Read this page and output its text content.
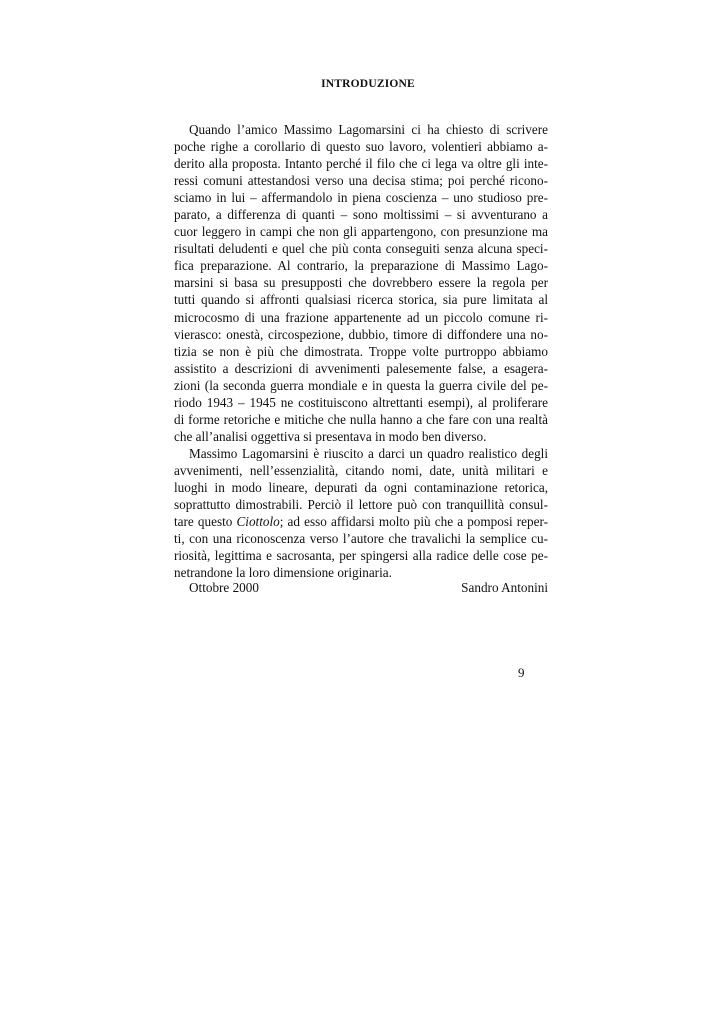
INTRODUZIONE
Quando l’amico Massimo Lagomarsini ci ha chiesto di scrivere
poche righe a corollario di questo suo lavoro, volentieri abbiamo a-
derito alla proposta. Intanto perché il filo che ci lega va oltre gli inte-
ressi comuni attestandosi verso una decisa stima; poi perché ricono-
sciamo in lui – affermandolo in piena coscienza – uno studioso pre-
parato, a differenza di quanti – sono moltissimi – si avventurano a
cuor leggero in campi che non gli appartengono, con presunzione ma
risultati deludenti e quel che più conta conseguiti senza alcuna speci-
fica preparazione. Al contrario, la preparazione di Massimo Lago-
marsini si basa su presupposti che dovrebbero essere la regola per
tutti quando si affronti qualsiasi ricerca storica, sia pure limitata al
microcosmo di una frazione appartenente ad un piccolo comune ri-
vierasco: onestà, circospezione, dubbio, timore di diffondere una no-
tizia se non è più che dimostrata. Troppe volte purtroppo abbiamo
assistito a descrizioni di avvenimenti palesemente false, a esagera-
zioni (la seconda guerra mondiale e in questa la guerra civile del pe-
riodo 1943 – 1945 ne costituiscono altrettanti esempi), al proliferare
di forme retoriche e mitiche che nulla hanno a che fare con una realtà
che all’analisi oggettiva si presentava in modo ben diverso.
Massimo Lagomarsini è riuscito a darci un quadro realistico degli
avvenimenti, nell’essenzialità, citando nomi, date, unità militari e
luoghi in modo lineare, depurati da ogni contaminazione retorica,
soprattutto dimostrabili. Perciò il lettore può con tranquillità consul-
tare questo Ciottolo; ad esso affidarsi molto più che a pomposi reper-
ti, con una riconoscenza verso l’autore che travalichi la semplice cu-
riosità, legittima e sacrosanta, per spingersi alla radice delle cose pe-
netrandone la loro dimensione originaria.
Ottobre 2000	Sandro Antonini
9
